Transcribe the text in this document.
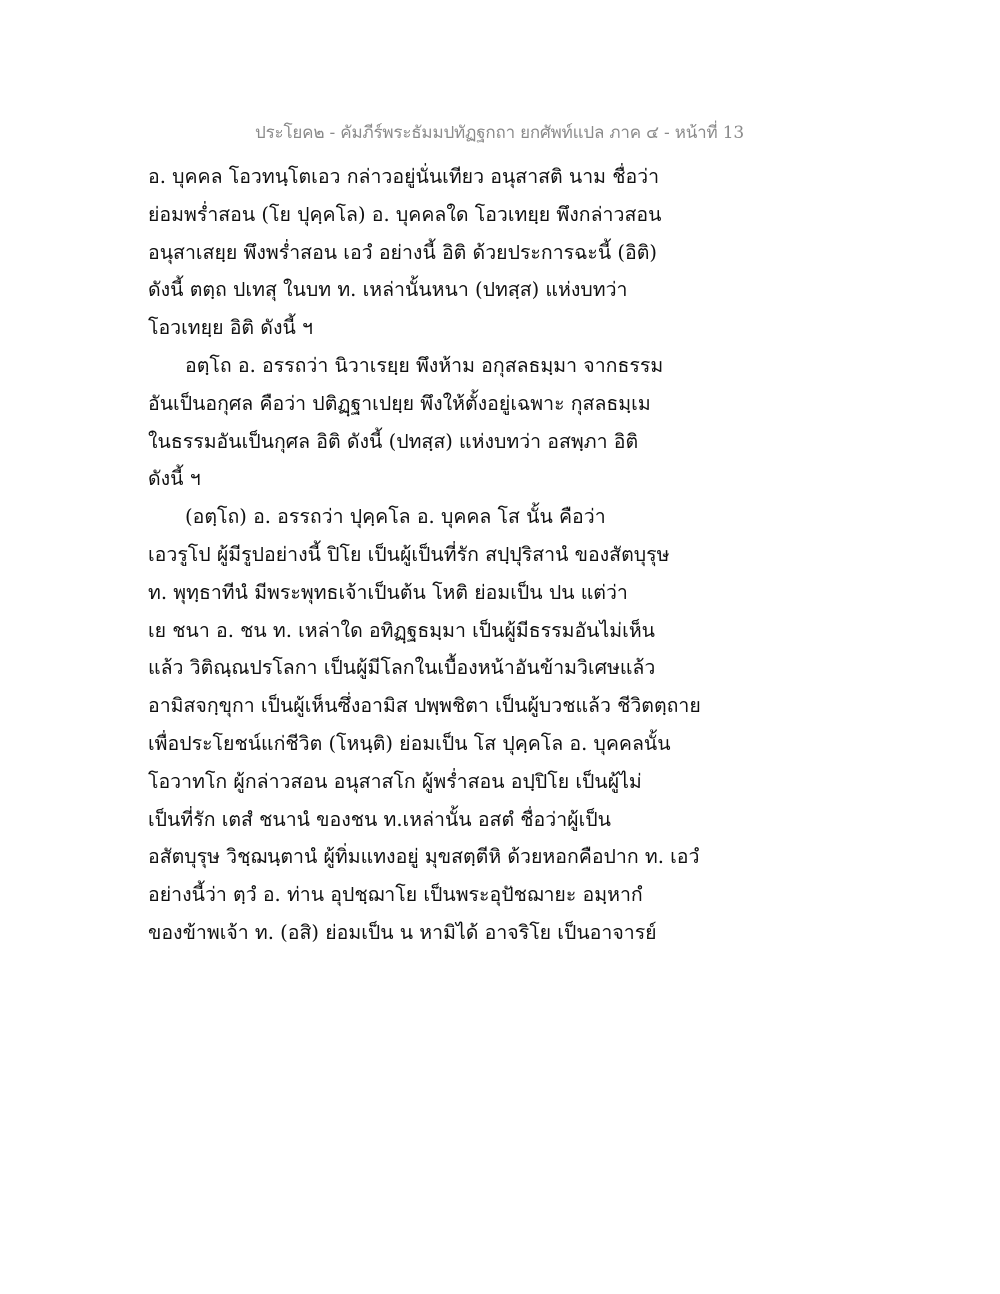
ประโยค๒ - คัมภีร์พระธัมมปทัฏฐกถา ยกศัพท์แปล ภาค ๔ - หน้าที่ 13
อ. บุคคล โอวทนฺโตเอว กล่าวอยู่นั่นเทียว อนุสาสติ นาม ชื่อว่า
ย่อมพร่ำสอน (โย ปุคฺคโล) อ. บุคคลใด โอวเทยฺย พึงกล่าวสอน
อนุสาเสยฺย พึงพร่ำสอน เอวํ อย่างนี้ อิติ ด้วยประการฉะนี้ (อิติ)
ดังนี้ ตตฺถ ปเทสุ ในบท ท. เหล่านั้นหนา (ปทสฺส) แห่งบทว่า
โอวเทยฺย อิติ ดังนี้ ฯ
อตฺโถ อ. อรรถว่า นิวาเรยฺย พึงห้าม อกุสลธมฺมา จากธรรม
อันเป็นอกุศล คือว่า ปติฏฺฐาเปยฺย พึงให้ตั้งอยู่เฉพาะ กุสลธมฺเม
ในธรรมอันเป็นกุศล อิติ ดังนี้ (ปทสฺส) แห่งบทว่า อสพฺภา อิติ
ดังนี้ ฯ
(อตฺโถ) อ. อรรถว่า ปุคฺคโล อ. บุคคล โส นั้น คือว่า
เอวรูโป ผู้มีรูปอย่างนี้ ปิโย เป็นผู้เป็นที่รัก สปฺปุริสานํ ของสัตบุรุษ
ท. พุทฺธาทีนํ มีพระพุทธเจ้าเป็นต้น โหติ ย่อมเป็น ปน แต่ว่า
เย ชนา อ. ชน ท. เหล่าใด อทิฏฺฐธมฺมา เป็นผู้มีธรรมอันไม่เห็น
แล้ว วิติณฺณปรโลกา เป็นผู้มีโลกในเบื้องหน้าอันข้ามวิเศษแล้ว
อามิสจกฺขุกา เป็นผู้เห็นซึ่งอามิส ปพฺพชิตา เป็นผู้บวชแล้ว ชีวิตตฺถาย
เพื่อประโยชน์แก่ชีวิต (โหนฺติ) ย่อมเป็น โส ปุคฺคโล อ. บุคคลนั้น
โอวาทโก ผู้กล่าวสอน อนุสาสโก ผู้พร่ำสอน อปฺปิโย เป็นผู้ไม่
เป็นที่รัก เตสํ ชนานํ ของชน ท.เหล่านั้น อสตํ ชื่อว่าผู้เป็น
อสัตบุรุษ วิชฺฌนฺตานํ ผู้ทิ่มแทงอยู่ มุขสตฺตีหิ ด้วยหอกคือปาก ท. เอวํ
อย่างนี้ว่า ตฺวํ อ. ท่าน อุปชฺฌาโย เป็นพระอุปัชฌายะ อมฺหากํ
ของข้าพเจ้า ท. (อสิ) ย่อมเป็น น หามิได้ อาจริโย เป็นอาจารย์
